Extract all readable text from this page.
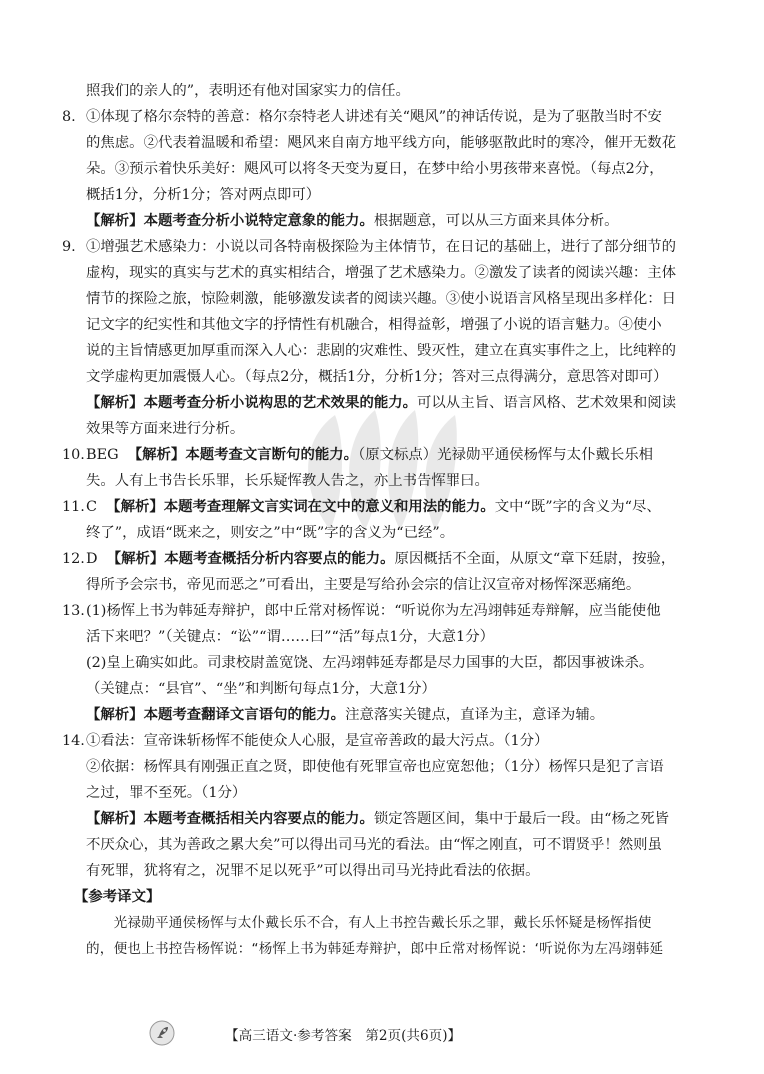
照我们的亲人的”，表明还有他对国家实力的信任。
8. ①体现了格尔奈特的善意：格尔奈特老人讲述有关“飓风”的神话传说，是为了驱散当时不安
的焦虑。②代表着温暖和希望：飓风来自南方地平线方向，能够驱散此时的寒冷，催开无数花
朵。③预示着快乐美好：飓风可以将冬天变为夏日，在梦中给小男孩带来喜悦。（每点2分，
概括1分，分析1分；答对两点即可）
【解析】本题考查分析小说特定意象的能力。根据题意，可以从三方面来具体分析。
9. ①增强艺术感染力：小说以司各特南极探险为主体情节，在日记的基础上，进行了部分细节的
虚构，现实的真实与艺术的真实相结合，增强了艺术感染力。②激发了读者的阅读兴趣：主体
情节的探险之旅，惊险刺激，能够激发读者的阅读兴趣。③使小说语言风格呈现出多样化：日
记文字的纪实性和其他文字的抒情性有机融合，相得益彰，增强了小说的语言魅力。④使小
说的主旨情感更加厚重而深入人心：悲剧的灾难性、毁灭性，建立在真实事件之上，比纯粹的
文学虚构更加震慑人心。（每点2分，概括1分，分析1分；答对三点得满分，意思答对即可）
【解析】本题考查分析小说构思的艺术效果的能力。可以从主旨、语言风格、艺术效果和阅读
效果等方面来进行分析。
10. BEG 【解析】本题考查文言断句的能力。（原文标点）光禄勋平通侯杨恽与太仆戴长乐相
失。人有上书告长乐罪，长乐疑恽教人告之，亦上书告恽罪曰。
11. C 【解析】本题考查理解文言实词在文中的意义和用法的能力。文中“既”字的含义为“尽、
终了”，成语“既来之，则安之”中“既”字的含义为“已经”。
12. D 【解析】本题考查概括分析内容要点的能力。原因概括不全面，从原文“章下廷尉，按验，
得所予会宗书，帝见而恶之”可看出，主要是写给孙会宗的信让汉宣帝对杨恽深恶痛绝。
13. (1)杨恽上书为韩延寿辩护，郎中丘常对杨恽说：“听说你为左冯翊韩延寿辩解，应当能使他
活下来吧？”（关键点：“讼”“谓……曰”“活”每点1分，大意1分）
(2)皇上确实如此。司隶校尉盖宽饶、左冯翊韩延寿都是尽力国事的大臣，都因事被诛杀。
（关键点：“县官”、“坐”和判断句每点1分，大意1分）
【解析】本题考查翻译文言语句的能力。注意落实关键点，直译为主，意译为辅。
14. ①看法：宣帝诛斩杨恽不能使众人心服，是宣帝善政的最大污点。（1分）
②依据：杨恽具有刚强正直之贤，即使他有死罪宣帝也应宽恕他；（1分）杨恽只是犯了言语
之过，罪不至死。（1分）
【解析】本题考查概括相关内容要点的能力。锁定答题区间，集中于最后一段。由“杨之死皆
不厌众心，其为善政之累大矣”可以得出司马光的看法。由“恽之刚直，可不谓贤乎！然则虽
有死罪，犹将宥之，况罪不足以死乎”可以得出司马光持此看法的依据。
【参考译文】
　　光禄勋平通侯杨恽与太仆戴长乐不合，有人上书控告戴长乐之罪，戴长乐怀疑是杨恽指使
的，便也上书控告杨恽说：“杨恽上书为韩延寿辩护，郎中丘常对杨恽说：‘听说你为左冯翊韩延
【高三语文·参考答案　第2页(共6页)】
